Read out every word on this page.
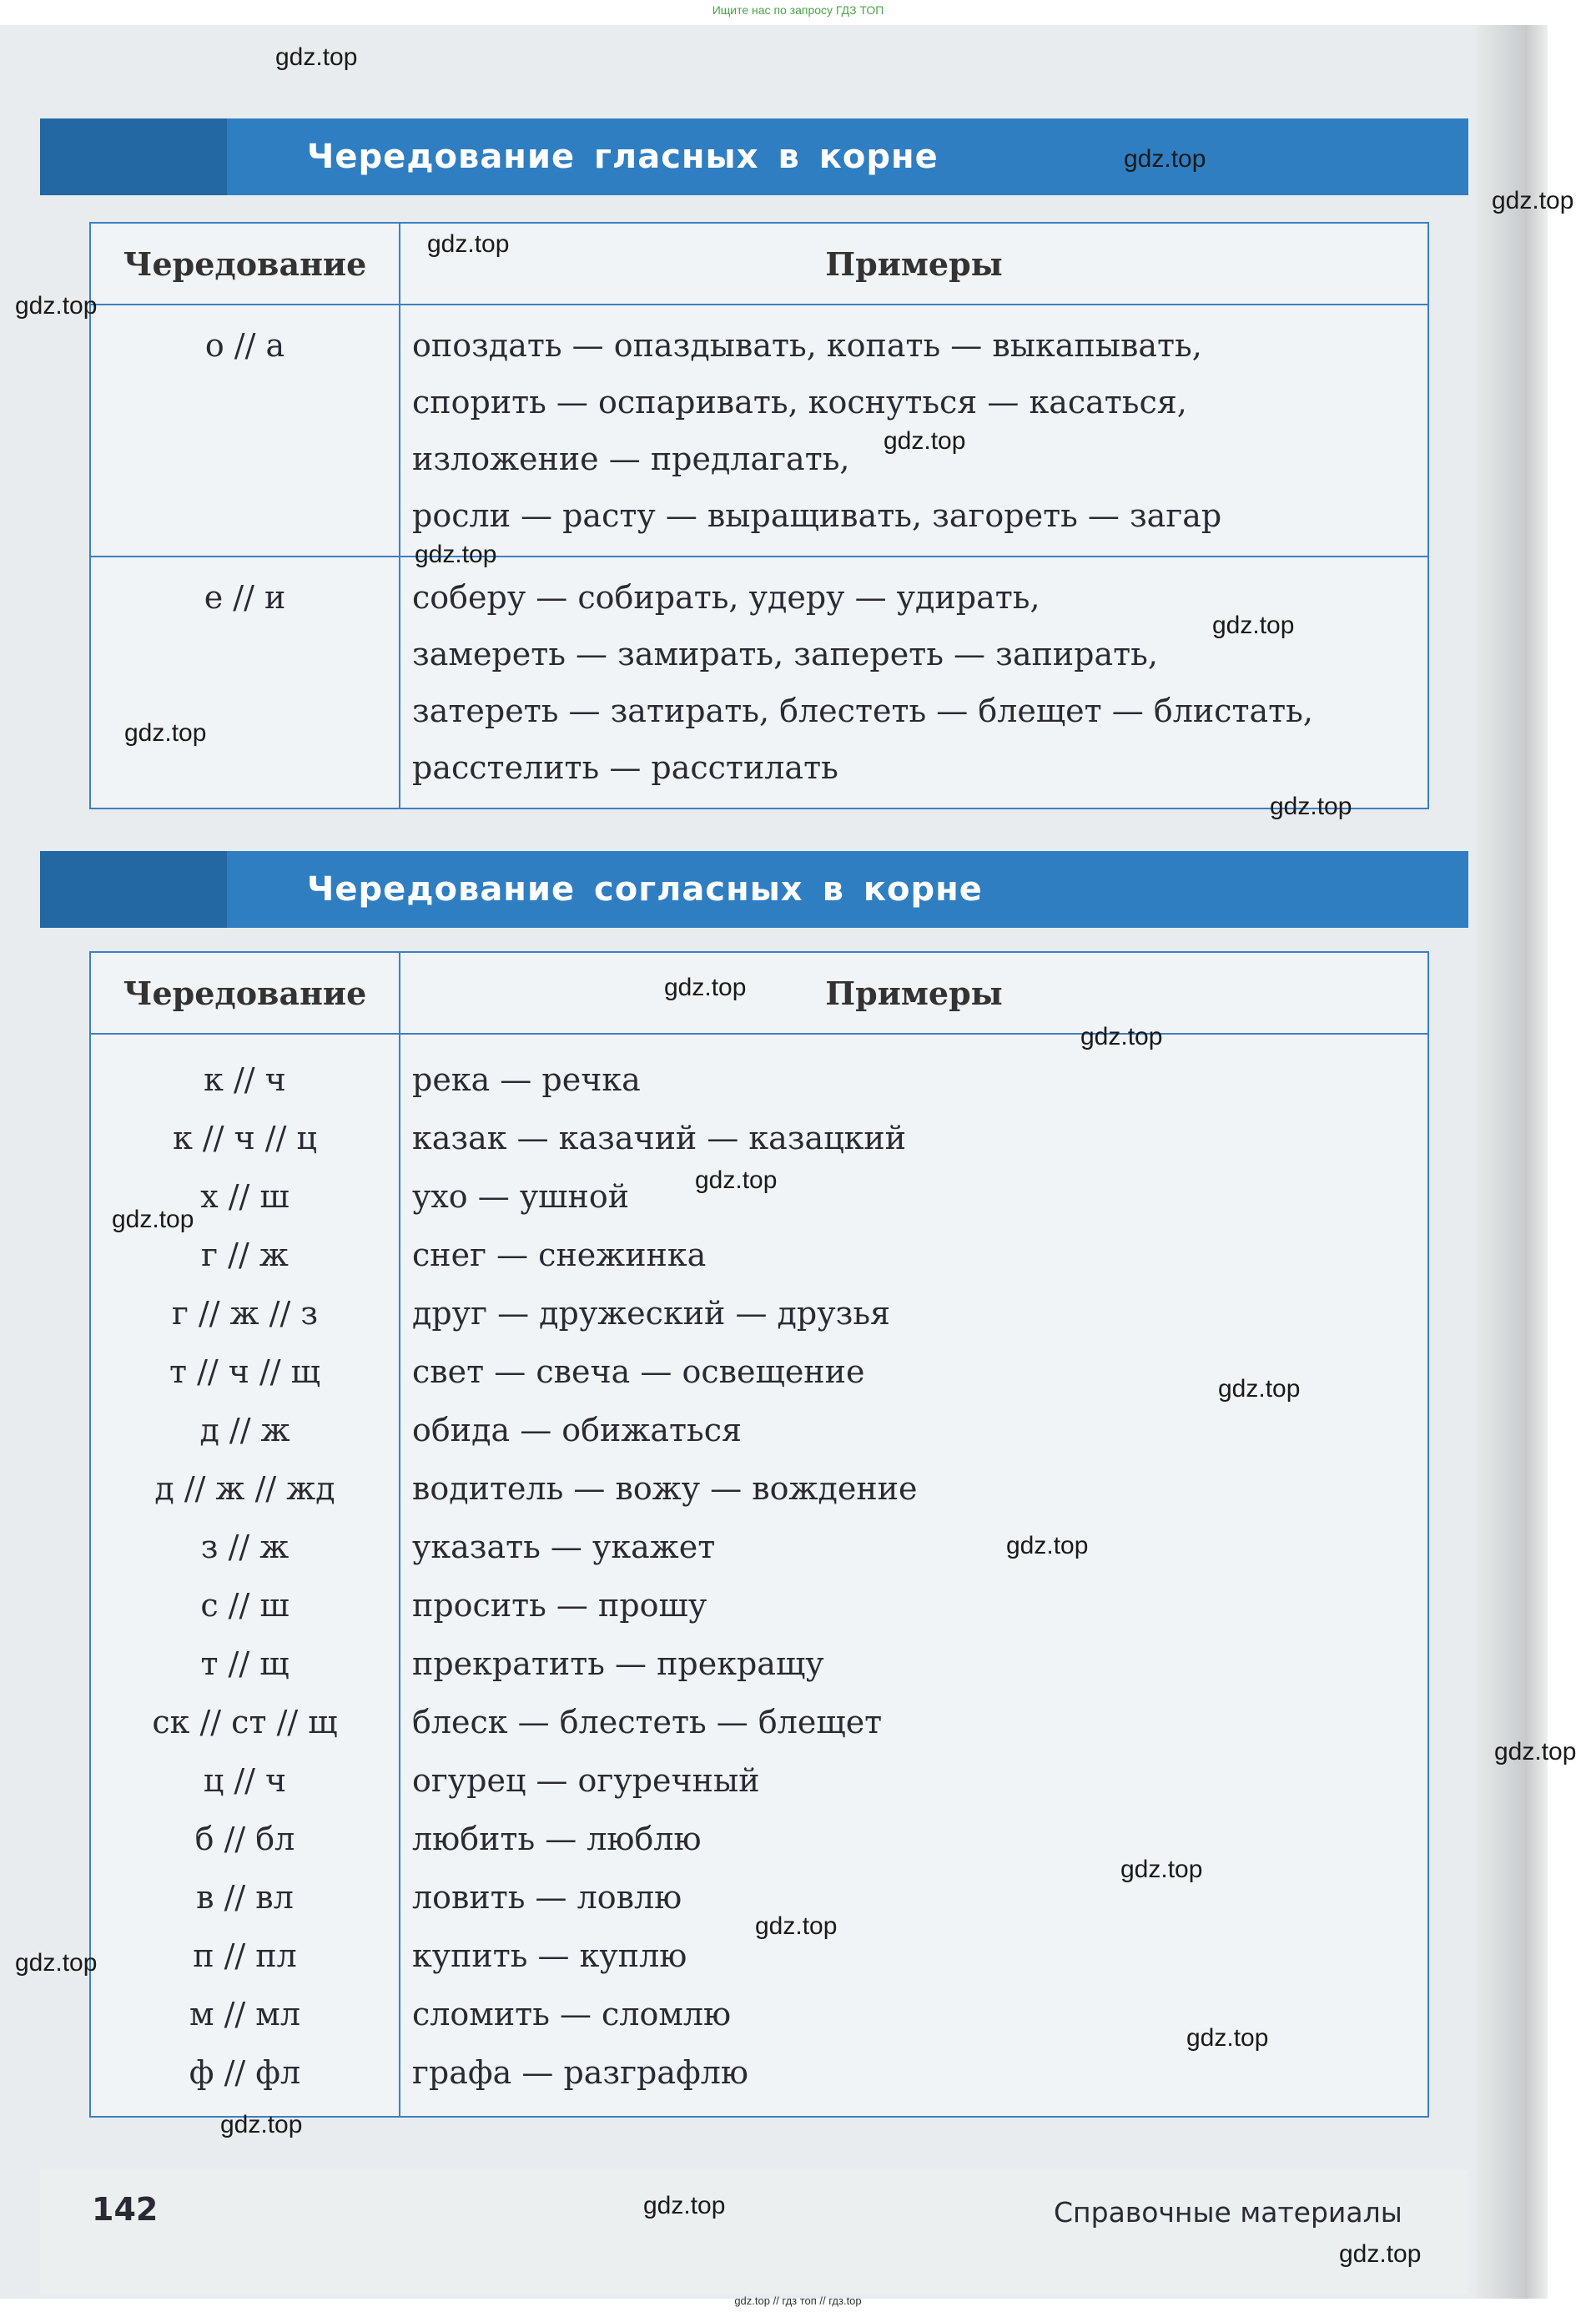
Ищите нас по запросу ГДЗ ТОП
Чередование гласных в корне
Чередование	Примеры

о // а	опоздать — опаздывать, копать — выкапывать,
спорить — оспаривать, коснуться — касаться,
изложение — предлагать,
росли — расту — выращивать, загореть — загар

е // и	соберу — собирать, удеру — удирать,
замереть — замирать, запереть — запирать,
затереть — затирать, блестеть — блещет — блистать,
расстелить — расстилать
Чередование согласных в корне
Чередование	Примеры
к // ч	река — речка
к // ч // ц	казак — казачий — казацкий
х // ш	ухо — ушной
г // ж	снег — снежинка
г // ж // з	друг — дружеский — друзья
т // ч // щ	свет — свеча — освещение
д // ж	обида — обижаться
д // ж // жд	водитель — вожу — вождение
з // ж	указать — укажет
с // ш	просить — прошу
т // щ	прекратить — прекращу
ск // ст // щ	блеск — блестеть — блещет
ц // ч	огурец — огуречный
б // бл	любить — люблю
в // вл	ловить — ловлю
п // пл	купить — куплю
м // мл	сломить — сломлю
ф // фл	графа — разграфлю
142	Справочные материалы
gdz.top
gdz.top
gdz.top
gdz.top
gdz.top
gdz.top
gdz.top
gdz.top
gdz.top
gdz.top
gdz.top
gdz.top
gdz.top
gdz.top
gdz.top
gdz.top
gdz.top
gdz.top
gdz.top
gdz.top
gdz.top
gdz.top
gdz.top
gdz.top
gdz.top // гдз топ // гдз.top
